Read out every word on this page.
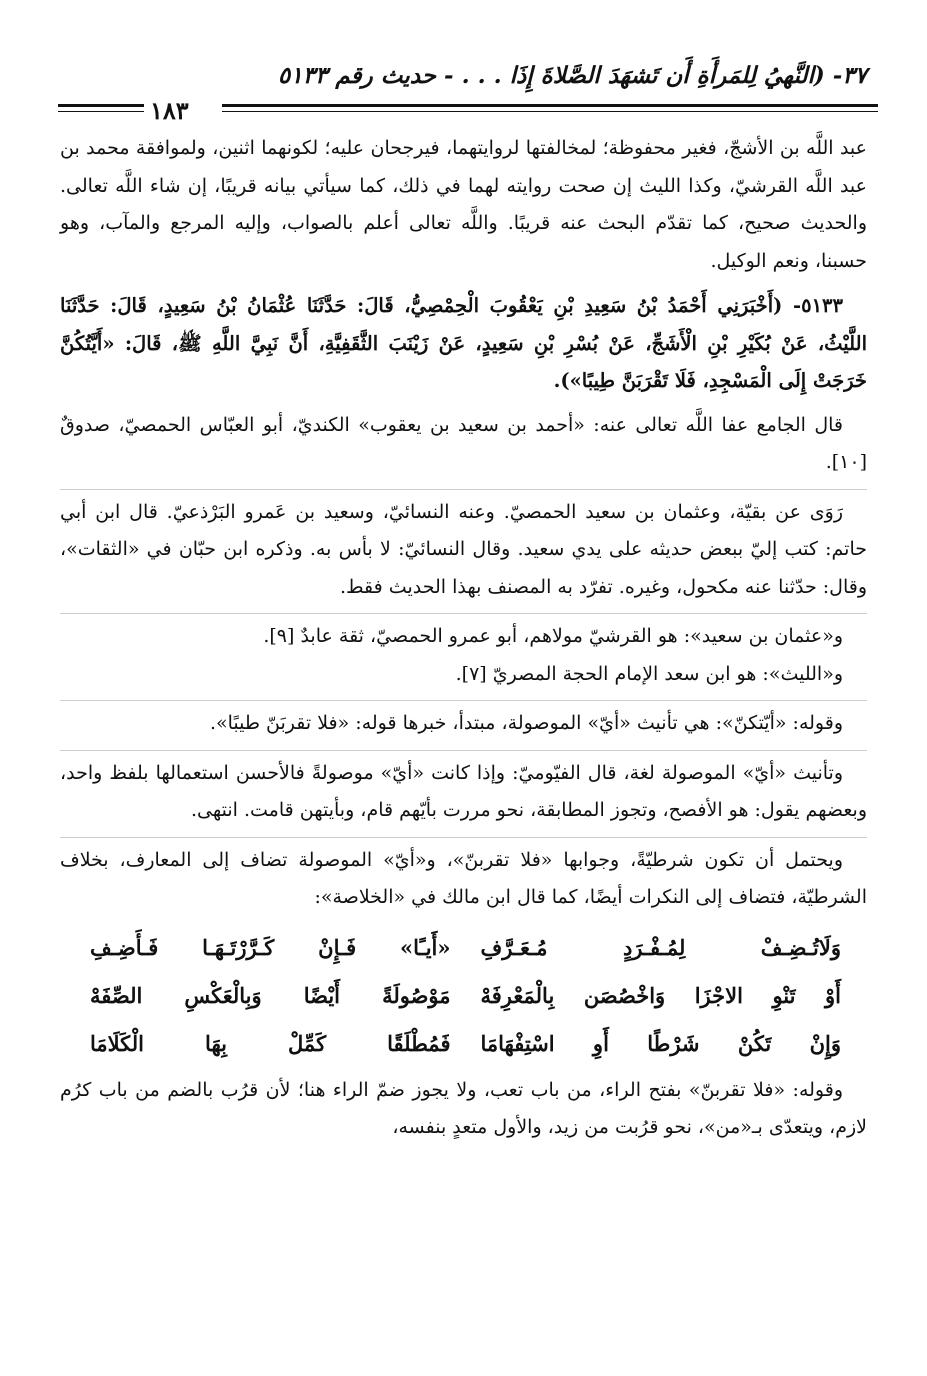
٣٧- (النَّهيُ لِلمَرأَةِ أَن تَشهَدَ الصَّلاةَ إِذَا . . . - حديث رقم ٥١٣٣
١٨٣

عبد اللَّه بن الأشجّ، فغير محفوظة؛ لمخالفتها لروايتهما، فيرجحان عليه؛ لكونهما اثنين، ولموافقة محمد بن عبد اللَّه القرشيّ، وكذا الليث إن صحت روايته لهما في ذلك، كما سيأتي بيانه قريبًا، إن شاء اللَّه تعالى. والحديث صحيح، كما تقدّم البحث عنه قريبًا. واللَّه تعالى أعلم بالصواب، وإليه المرجع والمآب، وهو حسبنا، ونعم الوكيل.

٥١٣٣- (أَخْبَرَنِي أَحْمَدُ بْنُ سَعِيدِ بْنِ يَعْقُوبَ الْحِمْصِيُّ، قَالَ: حَدَّثَنَا عُثْمَانُ بْنُ سَعِيدٍ، قَالَ: حَدَّثَنَا اللَّيْثُ، عَنْ بُكَيْرِ بْنِ الْأَشَجِّ، عَنْ بُسْرِ بْنِ سَعِيدٍ، عَنْ زَيْنَبَ الثَّقَفِيَّةِ، أَنَّ نَبِيَّ اللَّهِ ﷺ، قَالَ: «أَيَّتُكُنَّ خَرَجَتْ إِلَى الْمَسْجِدِ، فَلَا تَقْرَبَنَّ طِيبًا»).

قال الجامع عفا اللَّه تعالى عنه: «أحمد بن سعيد بن يعقوب» الكنديّ، أبو العبّاس الحمصيّ، صدوقٌ [١٠].

رَوَى عن بقيّة، وعثمان بن سعيد الحمصيّ. وعنه النسائيّ، وسعيد بن عَمرو البَرْذعيّ. قال ابن أبي حاتم: كتب إليّ ببعض حديثه على يدي سعيد. وقال النسائيّ: لا بأس به. وذكره ابن حبّان في «الثقات»، وقال: حدّثنا عنه مكحول، وغيره. تفرّد به المصنف بهذا الحديث فقط.

و«عثمان بن سعيد»: هو القرشيّ مولاهم، أبو عمرو الحمصيّ، ثقة عابدٌ [٩].

و«الليث»: هو ابن سعد الإمام الحجة المصريّ [٧].

وقوله: «أيّتكنّ»: هي تأنيث «أيّ» الموصولة، مبتدأ، خبرها قوله: «فلا تقربَنّ طيبًا».

وتأنيث «أيّ» الموصولة لغة، قال الفيّوميّ: وإذا كانت «أيّ» موصولةً فالأحسن استعمالها بلفظ واحد، وبعضهم يقول: هو الأفصح، وتجوز المطابقة، نحو مررت بأيّهم قام، وبأيتهن قامت. انتهى.

ويحتمل أن تكون شرطيّةً، وجوابها «فلا تقربنّ»، و«أيّ» الموصولة تضاف إلى المعارف، بخلاف الشرطيّة، فتضاف إلى النكرات أيضًا، كما قال ابن مالك في «الخلاصة»:

وَلَاتُـضِـفْ لِمُـفْـرَدٍ مُـعَـرَّفِ
«أَيـًا» فَـإِنْ كَـرَّرْتَـهَـا فَـأَضِـفِ
أَوْ تَنْوِ الاجْزَا وَاخْصُصَن بِالْمَعْرِفَهْ
مَوْصُولَةً أَيْضًا وَبِالْعَكْسِ الصِّفَهْ
وَإِنْ تَكُنْ شَرْطًا أَوِ اسْتِفْهَامَا
فَمُطْلَقًا كَمِّلْ بِهَا الْكَلَامَا

وقوله: «فلا تقربنّ» بفتح الراء، من باب تعب، ولا يجوز ضمّ الراء هنا؛ لأن قرُب بالضم من باب كرُم لازم، ويتعدّى بـ«من»، نحو قرُبت من زيد، والأول متعدٍ بنفسه،
